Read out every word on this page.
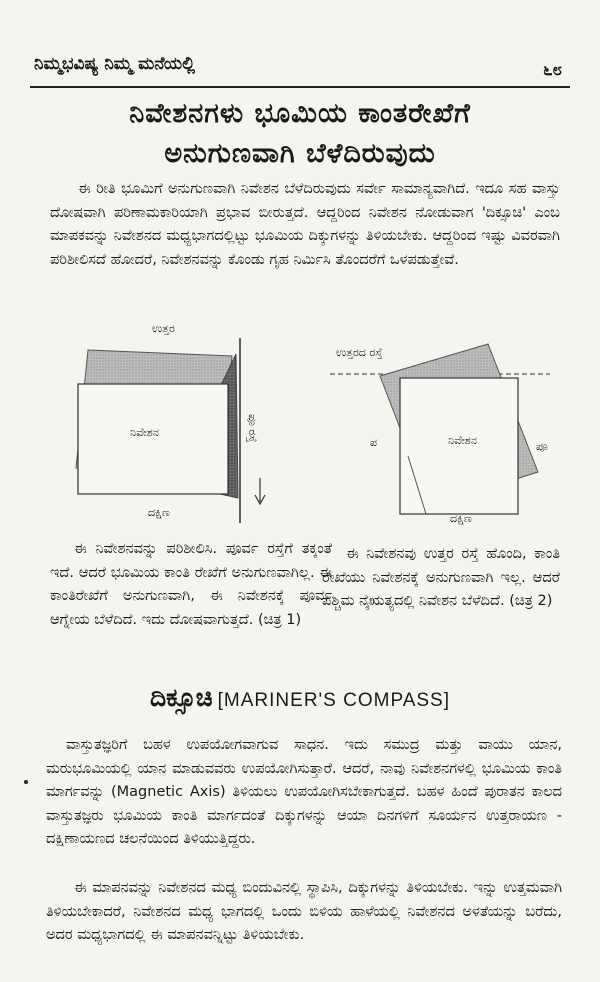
ನಿಮ್ಮಭವಿಷ್ಯ ನಿಮ್ಮ ಮನೆಯಲ್ಲಿ	೬೮
ನಿವೇಶನಗಳು ಭೂಮಿಯ ಕಾಂತರೇಖೆಗೆ
ಅನುಗುಣವಾಗಿ ಬೆಳೆದಿರುವುದು

ಈ ರೀತಿ ಭೂಮಿಗೆ ಅನುಗುಣವಾಗಿ ನಿವೇಶನ ಬೆಳೆದಿರುವುದು ಸರ್ವೇ ಸಾಮಾನ್ಯವಾಗಿದೆ. ಇದೂ ಸಹ ವಾಸ್ತು ದೋಷವಾಗಿ ಪರಿಣಾಮಕಾರಿಯಾಗಿ ಪ್ರಭಾವ ಬೀರುತ್ತದೆ. ಆದ್ದರಿಂದ ನಿವೇಶನ ನೋಡುವಾಗ 'ದಿಕ್ಸೂಚಿ' ಎಂಬ ಮಾಪಕವನ್ನು ನಿವೇಶನದ ಮಧ್ಯಭಾಗದಲ್ಲಿಟ್ಟು ಭೂಮಿಯ ದಿಕ್ಕುಗಳನ್ನು ತಿಳಿಯಬೇಕು. ಆದ್ದರಿಂದ ಇಷ್ಟು ವಿವರವಾಗಿ ಪರಿಶೀಲಿಸದೆ ಹೋದರೆ, ನಿವೇಶನವನ್ನು ಕೊಂಡು ಗೃಹ ನಿರ್ಮಿಸಿ ತೊಂದರೆಗೆ ಒಳಪಡುತ್ತೇವೆ.

ಉತ್ತರ
ನಿವೇಶನ	ಪೂ ರಸ್ತೆ
ದಕ್ಷಿಣ
ಉತ್ತರದ ರಸ್ತೆ
ನಿವೇಶನ
ಪ	ಪೂ
ದಕ್ಷಿಣ

ಈ ನಿವೇಶನವನ್ನು ಪರಿಶೀಲಿಸಿ. ಪೂರ್ವ ರಸ್ತೆಗೆ ತಕ್ಕಂತೆ ಇದೆ. ಆದರೆ ಭೂಮಿಯ ಕಾಂತಿ ರೇಖೆಗೆ ಅನುಗುಣವಾಗಿಲ್ಲ. ಈ ಕಾಂತಿರೇಖೆಗೆ ಅನುಗುಣವಾಗಿ, ಈ ನಿವೇಶನಕ್ಕೆ ಪೂರ್ವ ಆಗ್ನೇಯ ಬೆಳೆದಿದೆ. ಇದು ದೋಷವಾಗುತ್ತದೆ. (ಚಿತ್ರ 1)

ಈ ನಿವೇಶನವು ಉತ್ತರ ರಸ್ತೆ ಹೊಂದಿ, ಕಾಂತಿ ರೇಖೆಯು ನಿವೇಶನಕ್ಕೆ ಅನುಗುಣವಾಗಿ ಇಲ್ಲ. ಆದರೆ ಪಶ್ಚಿಮ ನೈಋತ್ಯದಲ್ಲಿ ನಿವೇಶನ ಬೆಳೆದಿದೆ. (ಚಿತ್ರ 2)

ದಿಕ್ಸೂಚಿ [MARINER'S COMPASS]

ವಾಸ್ತುತಜ್ಞರಿಗೆ ಬಹಳ ಉಪಯೋಗವಾಗುವ ಸಾಧನ. ಇದು ಸಮುದ್ರ ಮತ್ತು ವಾಯು ಯಾನ, ಮರುಭೂಮಿಯಲ್ಲಿ ಯಾನ ಮಾಡುವವರು ಉಪಯೋಗಿಸುತ್ತಾರೆ. ಆದರೆ, ನಾವು ನಿವೇಶನಗಳಲ್ಲಿ ಭೂಮಿಯ ಕಾಂತಿ ಮಾರ್ಗವನ್ನು (Magnetic Axis) ತಿಳಿಯಲು ಉಪಯೋಗಿಸಬೇಕಾಗುತ್ತದೆ. ಬಹಳ ಹಿಂದೆ ಪುರಾತನ ಕಾಲದ ವಾಸ್ತುತಜ್ಞರು ಭೂಮಿಯ ಕಾಂತಿ ಮಾರ್ಗದಂತೆ ದಿಕ್ಕುಗಳನ್ನು ಆಯಾ ದಿನಗಳಿಗೆ ಸೂರ್ಯನ ಉತ್ತರಾಯಣ - ದಕ್ಷಿಣಾಯಣದ ಚಲನೆಯಿಂದ ತಿಳಿಯುತ್ತಿದ್ದರು.

ಈ ಮಾಪನವನ್ನು ನಿವೇಶನದ ಮಧ್ಯ ಬಿಂದುವಿನಲ್ಲಿ ಸ್ಥಾಪಿಸಿ, ದಿಕ್ಕುಗಳನ್ನು ತಿಳಿಯಬೇಕು. ಇನ್ನು ಉತ್ತಮವಾಗಿ ತಿಳಿಯಬೇಕಾದರೆ, ನಿವೇಶನದ ಮಧ್ಯ ಭಾಗದಲ್ಲಿ ಒಂದು ಬಿಳಿಯ ಹಾಳೆಯಲ್ಲಿ ನಿವೇಶನದ ಅಳತೆಯನ್ನು ಬರೆದು, ಅದರ ಮಧ್ಯಭಾಗದಲ್ಲಿ ಈ ಮಾಪನವನ್ನಿಟ್ಟು ತಿಳಿಯಬೇಕು.
